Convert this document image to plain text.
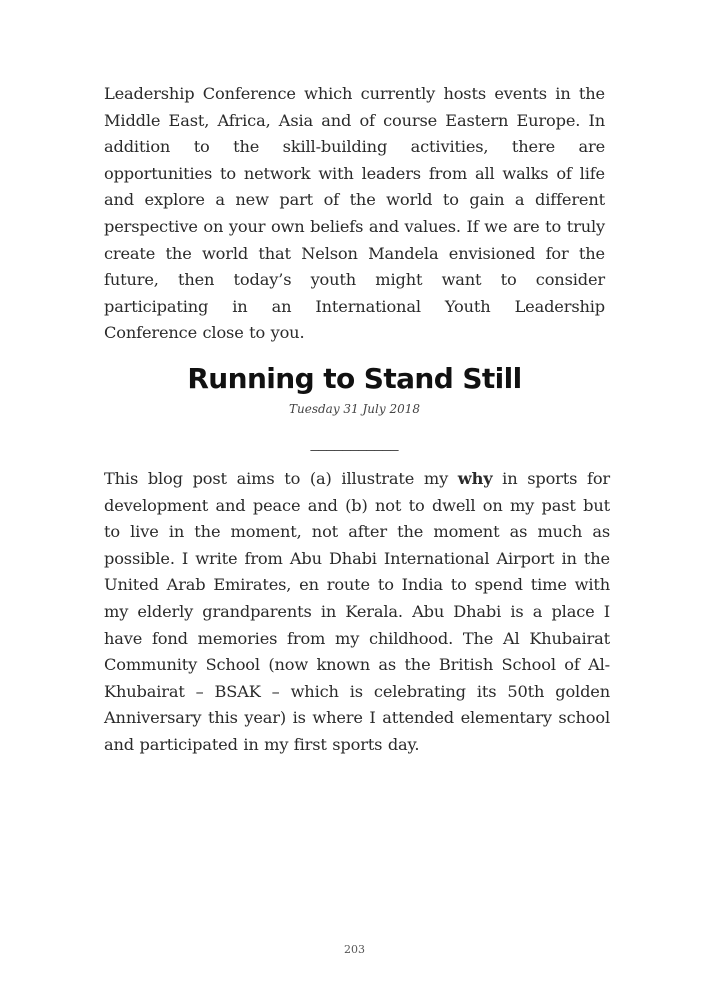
Leadership Conference which currently hosts events in the Middle East, Africa, Asia and of course Eastern Europe. In addition to the skill-building activities, there are opportunities to network with leaders from all walks of life and explore a new part of the world to gain a different perspective on your own beliefs and values. If we are to truly create the world that Nelson Mandela envisioned for the future, then today’s youth might want to consider participating in an International Youth Leadership Conference close to you.

Running to Stand Still
Tuesday 31 July 2018
___________

This blog post aims to (a) illustrate my why in sports for development and peace and (b) not to dwell on my past but to live in the moment, not after the moment as much as possible. I write from Abu Dhabi International Airport in the United Arab Emirates, en route to India to spend time with my elderly grandparents in Kerala. Abu Dhabi is a place I have fond memories from my childhood. The Al Khubairat Community School (now known as the British School of Al-Khubairat – BSAK – which is celebrating its 50th golden Anniversary this year) is where I attended elementary school and participated in my first sports day.

203
